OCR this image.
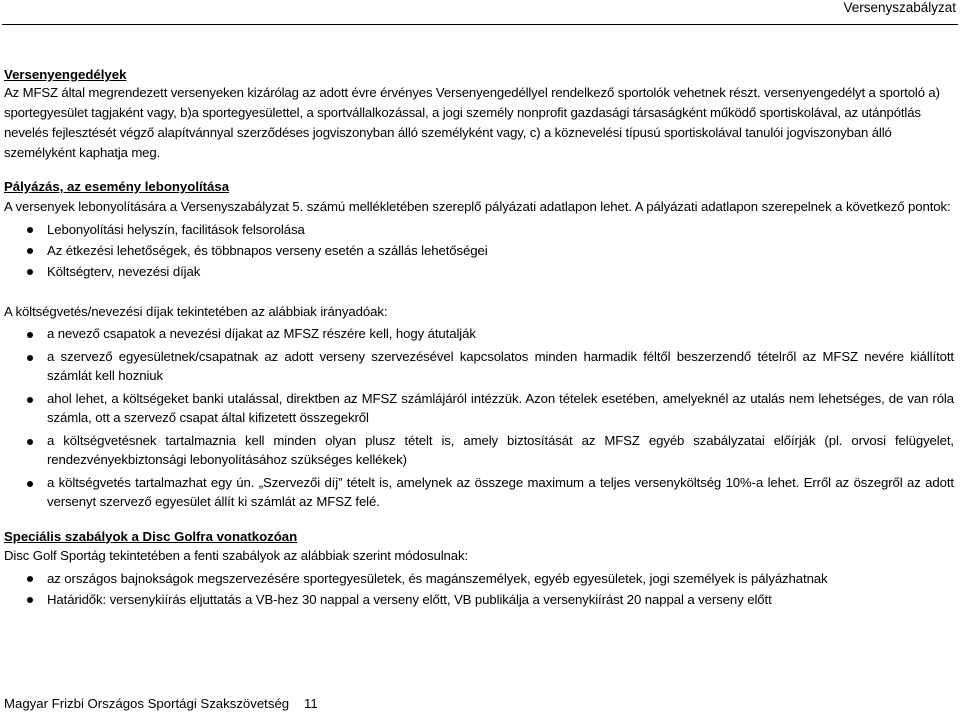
Versenyszabályzat
Versenyengedélyek
Az MFSZ által megrendezett versenyeken kizárólag az adott évre érvényes Versenyengedéllyel rendelkező sportolók vehetnek részt. versenyengedélyt a sportoló a) sportegyesület tagjaként vagy, b)a sportegyesülettel, a sportvállalkozással, a jogi személy nonprofit gazdasági társaságként működő sportiskolával, az utánpótlás nevelés fejlesztését végző alapítvánnyal szerződéses jogviszonyban álló személyként vagy, c) a köznevelési típusú sportiskolával tanulói jogviszonyban álló személyként kaphatja meg.
Pályázás, az esemény lebonyolítása
A versenyek lebonyolítására a Versenyszabályzat 5. számú mellékletében szereplő pályázati adatlapon lehet. A pályázati adatlapon szerepelnek a következő pontok:
Lebonyolítási helyszín, facilitások felsorolása
Az étkezési lehetőségek, és többnapos verseny esetén a szállás lehetőségei
Költségterv, nevezési díjak
A költségvetés/nevezési díjak tekintetében az alábbiak irányadóak:
a nevező csapatok a nevezési díjakat az MFSZ részére kell, hogy átutalják
a szervező egyesületnek/csapatnak az adott verseny szervezésével kapcsolatos minden harmadik féltől beszerzendő tételről az MFSZ nevére kiállított számlát kell hozniuk
ahol lehet, a költségeket banki utalással, direktben az MFSZ számlájáról intézzük. Azon tételek esetében, amelyeknél az utalás nem lehetséges, de van róla számla, ott a szervező csapat által kifizetett összegekről
a költségvetésnek tartalmaznia kell minden olyan plusz tételt is, amely biztosítását az MFSZ egyéb szabályzatai előírják (pl. orvosi felügyelet, rendezvényekbiztonsági lebonyolításához szükséges kellékek)
a költségvetés tartalmazhat egy ún. „Szervezői díj” tételt is, amelynek az összege maximum a teljes versenyköltség 10%-a lehet. Erről az öszegről az adott versenyt szervező egyesület állít ki számlát az MFSZ felé.
Speciális szabályok a Disc Golfra vonatkozóan
Disc Golf Sportág tekintetében a fenti szabályok az alábbiak szerint módosulnak:
az országos bajnokságok megszervezésére sportegyesületek, és magánszemélyek, egyéb egyesületek, jogi személyek is pályázhatnak
Határidők: versenykiírás eljuttatás a VB-hez 30 nappal a verseny előtt, VB publikálja a versenykiírást 20 nappal a verseny előtt
Magyar Frizbi Országos Sportági Szakszövetség 11
